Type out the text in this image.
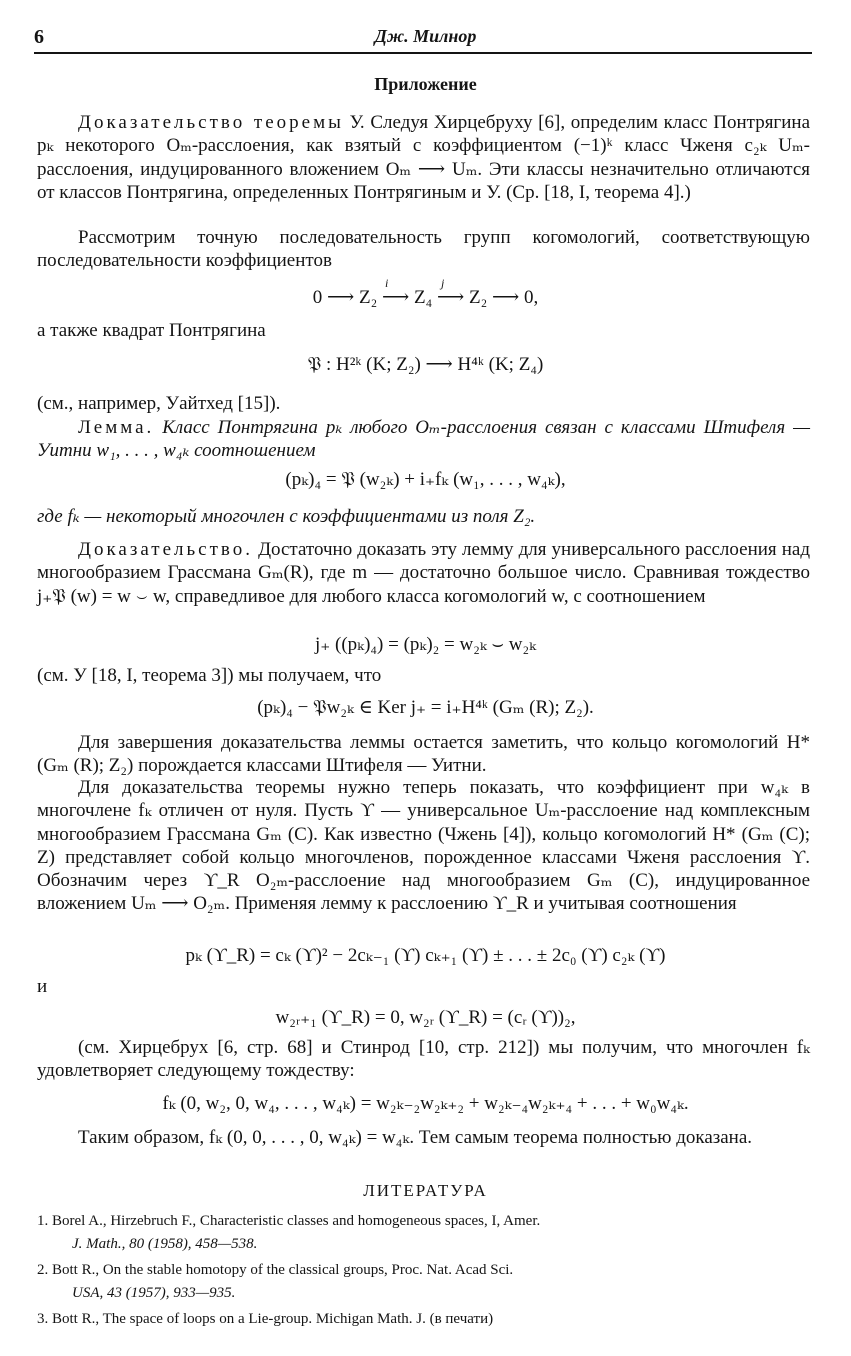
6	Дж. Милнор
Приложение
Доказательство теоремы У. Следуя Хирцебруху [6], определим класс Понтрягина pₖ некоторого Oₘ-расслоения, как взятый с коэффициентом (−1)ᵏ класс Чженя c₂ₖ Uₘ-расслоения, индуцированного вложением Oₘ ⟶ Uₘ. Эти классы незначительно отличаются от классов Понтрягина, определенных Понтрягиным и У. (Ср. [18, I, теорема 4].)
Рассмотрим точную последовательность групп когомологий, соответствующую последовательности коэффициентов
0 ⟶ Z₂ ⟶ Z₄ ⟶ Z₂ ⟶ 0,
i	j
а также квадрат Понтрягина
𝔓 : H²ᵏ (K; Z₂) ⟶ H⁴ᵏ (K; Z₄)
(см., например, Уайтхед [15]).
Лемма. Класс Понтрягина pₖ любого Oₘ-расслоения связан с классами Штифеля — Уитни w₁, . . . , w₄ₖ соотношением
(pₖ)₄ = 𝔓 (w₂ₖ) + i₊fₖ (w₁, . . . , w₄ₖ),
где fₖ — некоторый многочлен с коэффициентами из поля Z₂.
Доказательство. Достаточно доказать эту лемму для универсального расслоения над многообразием Грассмана Gₘ(R), где m — достаточно большое число. Сравнивая тождество j₊𝔓 (w) = w ⌣ w, справедливое для любого класса когомологий w, с соотношением
j₊ ((pₖ)₄) = (pₖ)₂ = w₂ₖ ⌣ w₂ₖ
(см. У [18, I, теорема 3]) мы получаем, что
(pₖ)₄ − 𝔓w₂ₖ ∈ Ker j₊ = i₊H⁴ᵏ (Gₘ (R); Z₂).
Для завершения доказательства леммы остается заметить, что кольцо когомологий H* (Gₘ (R); Z₂) порождается классами Штифеля — Уитни.
Для доказательства теоремы нужно теперь показать, что коэффициент при w₄ₖ в многочлене fₖ отличен от нуля. Пусть ϒ — универсальное Uₘ-расслоение над комплексным многообразием Грассмана Gₘ (C). Как известно (Чжень [4]), кольцо когомологий H* (Gₘ (C); Z) представляет собой кольцо многочленов, порожденное классами Чженя расслоения ϒ. Обозначим через ϒ_R O₂ₘ-расслоение над многообразием Gₘ (C), индуцированное вложением Uₘ ⟶ O₂ₘ. Применяя лемму к расслоению ϒ_R и учитывая соотношения
pₖ (ϒ_R) = cₖ (ϒ)² − 2cₖ₋₁ (ϒ) cₖ₊₁ (ϒ) ± . . . ± 2c₀ (ϒ) c₂ₖ (ϒ)
и
w₂ᵣ₊₁ (ϒ_R) = 0, w₂ᵣ (ϒ_R) = (cᵣ (ϒ))₂,
(см. Хирцебрух [6, стр. 68] и Стинрод [10, стр. 212]) мы получим, что многочлен fₖ удовлетворяет следующему тождеству:
fₖ (0, w₂, 0, w₄, . . . , w₄ₖ) = w₂ₖ₋₂w₂ₖ₊₂ + w₂ₖ₋₄w₂ₖ₊₄ + . . . + w₀w₄ₖ.
Таким образом, fₖ (0, 0, . . . , 0, w₄ₖ) = w₄ₖ. Тем самым теорема полностью доказана.
ЛИТЕРАТУРА
1. Borel A., Hirzebruch F., Characteristic classes and homogeneous spaces, I, Amer.
J. Math., 80 (1958), 458—538.
2. Bott R., On the stable homotopy of the classical groups, Proc. Nat. Acad Sci.
USA, 43 (1957), 933—935.
3. Bott R., The space of loops on a Lie-group. Michigan Math. J. (в печати)
